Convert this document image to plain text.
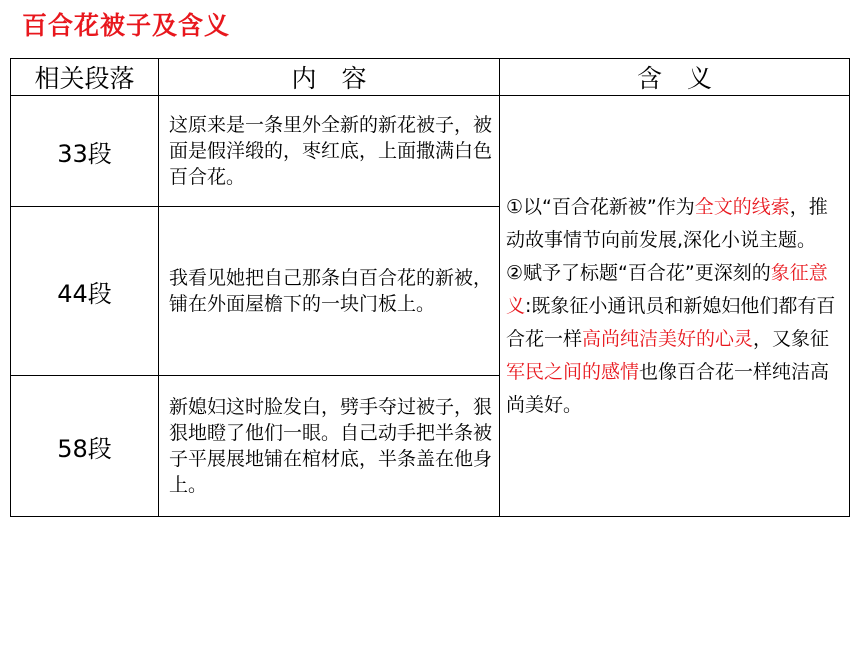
百合花被子及含义
相关段落	内　容	含　义
33段	这原来是一条里外全新的新花被子，被面是假洋缎的，枣红底，上面撒满白色百合花。	①以“百合花新被”作为全文的线索，推动故事情节向前发展,深化小说主题。
②赋予了标题“百合花”更深刻的象征意义:既象征小通讯员和新媳妇他们都有百合花一样高尚纯洁美好的心灵，又象征军民之间的感情也像百合花一样纯洁高尚美好。
44段	我看见她把自己那条白百合花的新被，铺在外面屋檐下的一块门板上。	
58段	新媳妇这时脸发白，劈手夺过被子，狠狠地瞪了他们一眼。自己动手把半条被子平展展地铺在棺材底，半条盖在他身上。	
